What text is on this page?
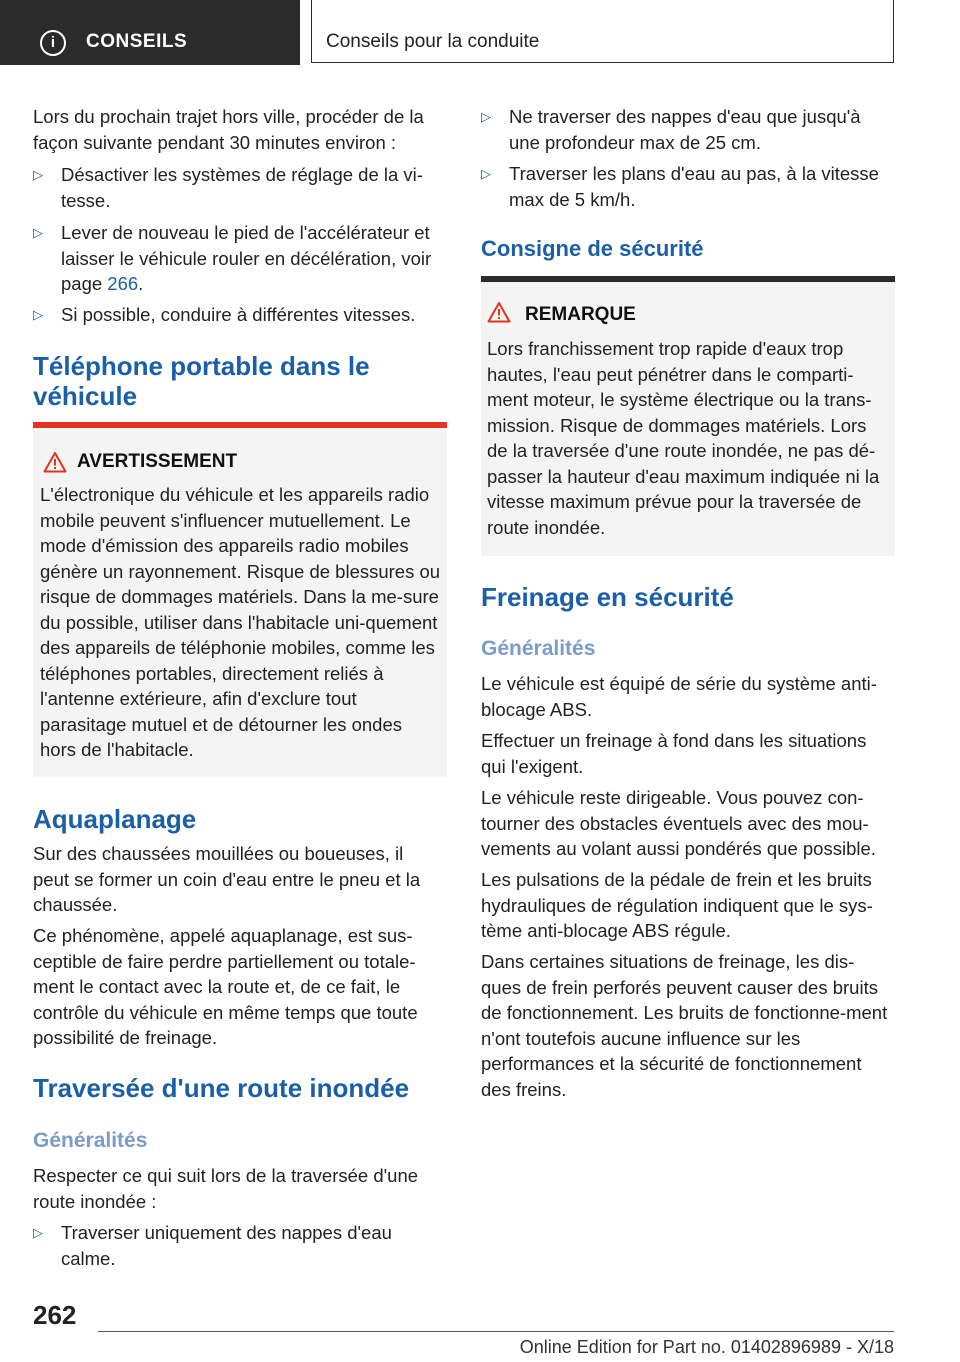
i	CONSEILS	Conseils pour la conduite
Lors du prochain trajet hors ville, procéder de la façon suivante pendant 30 minutes environ :
▷ Désactiver les systèmes de réglage de la vi-tesse.
▷ Lever de nouveau le pied de l'accélérateur et laisser le véhicule rouler en décélération, voir page 266.
▷ Si possible, conduire à différentes vitesses.
Téléphone portable dans le véhicule
AVERTISSEMENT
L'électronique du véhicule et les appareils radio mobile peuvent s'influencer mutuellement. Le mode d'émission des appareils radio mobiles génère un rayonnement. Risque de blessures ou risque de dommages matériels. Dans la me-sure du possible, utiliser dans l'habitacle uni-quement des appareils de téléphonie mobiles, comme les téléphones portables, directement reliés à l'antenne extérieure, afin d'exclure tout parasitage mutuel et de détourner les ondes hors de l'habitacle.
Aquaplanage
Sur des chaussées mouillées ou boueuses, il peut se former un coin d'eau entre le pneu et la chaussée.
Ce phénomène, appelé aquaplanage, est sus-ceptible de faire perdre partiellement ou totale-ment le contact avec la route et, de ce fait, le contrôle du véhicule en même temps que toute possibilité de freinage.
Traversée d'une route inondée
Généralités
Respecter ce qui suit lors de la traversée d'une route inondée :
▷ Traverser uniquement des nappes d'eau calme.
▷ Ne traverser des nappes d'eau que jusqu'à une profondeur max de 25 cm.
▷ Traverser les plans d'eau au pas, à la vitesse max de 5 km/h.
Consigne de sécurité
REMARQUE
Lors franchissement trop rapide d'eaux trop hautes, l'eau peut pénétrer dans le comparti-ment moteur, le système électrique ou la trans-mission. Risque de dommages matériels. Lors de la traversée d'une route inondée, ne pas dé-passer la hauteur d'eau maximum indiquée ni la vitesse maximum prévue pour la traversée de route inondée.
Freinage en sécurité
Généralités
Le véhicule est équipé de série du système anti-blocage ABS.
Effectuer un freinage à fond dans les situations qui l'exigent.
Le véhicule reste dirigeable. Vous pouvez con-tourner des obstacles éventuels avec des mou-vements au volant aussi pondérés que possible.
Les pulsations de la pédale de frein et les bruits hydrauliques de régulation indiquent que le sys-tème anti-blocage ABS régule.
Dans certaines situations de freinage, les dis-ques de frein perforés peuvent causer des bruits de fonctionnement. Les bruits de fonctionne-ment n'ont toutefois aucune influence sur les performances et la sécurité de fonctionnement des freins.
262
Online Edition for Part no. 01402896989 - X/18
